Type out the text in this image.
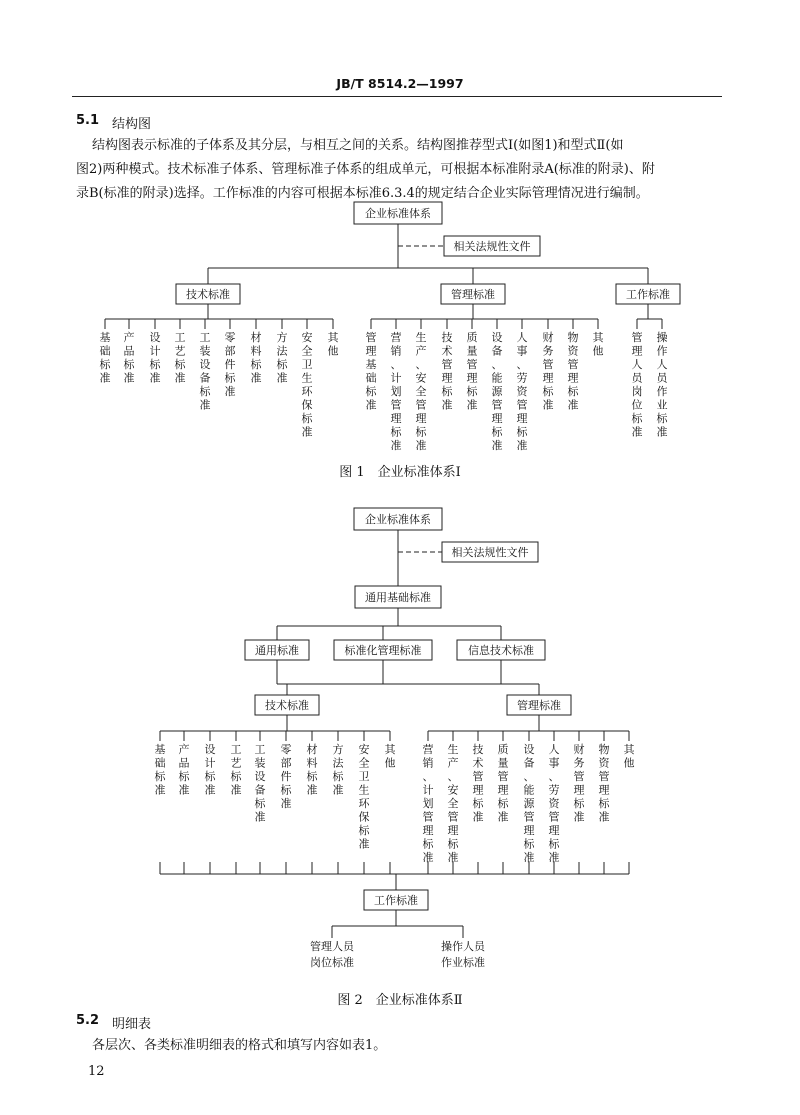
JB/T 8514.2—1997
5.1 结构图

结构图表示标准的子体系及其分层，与相互之间的关系。结构图推荐型式Ⅰ(如图1)和型式Ⅱ(如

图2)两种模式。技术标准子体系、管理标准子体系的组成单元，可根据本标准附录A(标准的附录)、附

录B(标准的附录)选择。工作标准的内容可根据本标准6.3.4的规定结合企业实际管理情况进行编制。

企业标准体系
相关法规性文件
技术标准	管理标准	工作标准
基础标准
产品标准
设计标准
工艺标准
工装设备标准
零部件标准
材料标准
方法标准
安全卫生环保标准
其他
管理基础标准
营销、计划管理标准
生产、安全管理标准
技术管理标准
质量管理标准
设备、能源管理标准
人事、劳资管理标准
财务管理标准
物资管理标准
其他
管理人员岗位标准
操作人员作业标准
企业标准体系
相关法规性文件
通用基础标准
通用标准	标准化管理标准	信息技术标准
技术标准	管理标准
基础标准
产品标准
设计标准
工艺标准
工装设备标准
零部件标准
材料标准
方法标准
安全卫生环保标准
其他
营销、计划管理标准
生产、安全管理标准
技术管理标准
质量管理标准
设备、能源管理标准
人事、劳资管理标准
财务管理标准
物资管理标准
其他
工作标准
管理人员
岗位标准
操作人员
作业标准
图 1　企业标准体系Ⅰ
图 2　企业标准体系Ⅱ
5.2 明细表

各层次、各类标准明细表的格式和填写内容如表1。

12
